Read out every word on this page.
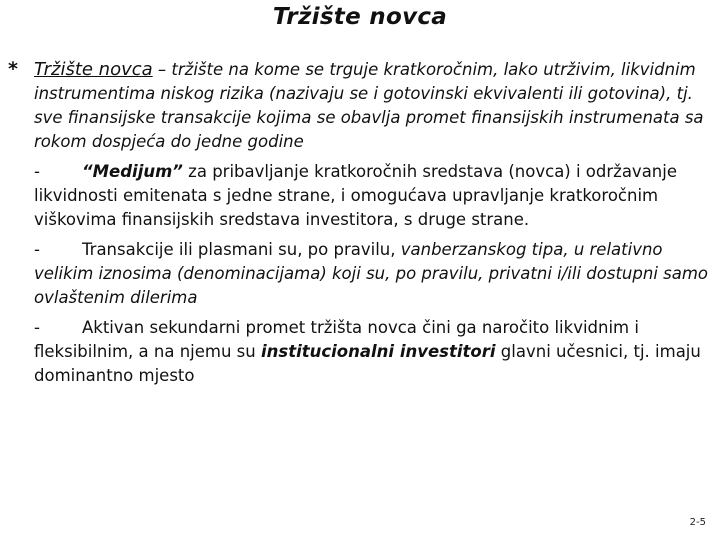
Tržište novca
* Tržište novca – tržište na kome se trguje kratkoročnim, lako utrživim, likvidnim instrumentima niskog rizika (nazivaju se i gotovinski ekvivalenti ili gotovina), tj. sve finansijske transakcije kojima se obavlja promet finansijskih instrumenata sa rokom dospjeća do jedne godine
-	“Medijum” za pribavljanje kratkoročnih sredstava (novca) i održavanje likvidnosti emitenata s jedne strane, i omogućava upravljanje kratkoročnim viškovima finansijskih sredstava investitora, s druge strane.
-	Transakcije ili plasmani su, po pravilu, vanberzanskog tipa, u relativno velikim iznosima (denominacijama) koji su, po pravilu, privatni i/ili dostupni samo ovlaštenim dilerima
-	Aktivan sekundarni promet tržišta novca čini ga naročito likvidnim i fleksibilnim, a na njemu su institucionalni investitori glavni učesnici, tj. imaju dominantno mjesto
2-5
